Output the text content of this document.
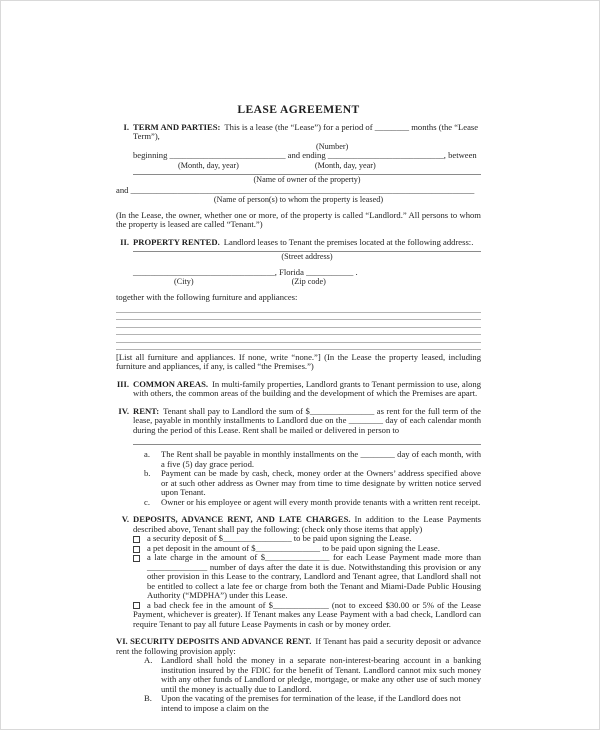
LEASE AGREEMENT
I. TERM AND PARTIES: This is a lease (the “Lease”) for a period of ________ months (the “Lease Term”),
(Number)
beginning ___________________________ and ending ___________________________, between
(Month, day, year)	(Month, day, year)
(Name of owner of the property)
and ________________________________________________________________________________
(Name of person(s) to whom the property is leased)
(In the Lease, the owner, whether one or more, of the property is called “Landlord.” All persons to whom the property is leased are called “Tenant.”)
II. PROPERTY RENTED. Landlord leases to Tenant the premises located at the following address:.
(Street address)
_________________________________, Florida ___________ .
(City)	(Zip code)
together with the following furniture and appliances:
[List all furniture and appliances. If none, write “none.”] (In the Lease the property leased, including furniture and appliances, if any, is called “the Premises.”)
III. COMMON AREAS. In multi-family properties, Landlord grants to Tenant permission to use, along with others, the common areas of the building and the development of which the Premises are apart.
IV. RENT: Tenant shall pay to Landlord the sum of $_______________ as rent for the full term of the lease, payable in monthly installments to Landlord due on the ________ day of each calendar month during the period of this Lease. Rent shall be mailed or delivered in person to
a.	The Rent shall be payable in monthly installments on the ________ day of each month, with a five (5) day grace period.
b. Payment can be made by cash, check, money order at the Owners’ address specified above or at such other address as Owner may from time to time designate by written notice served upon Tenant.
c.	Owner or his employee or agent will every month provide tenants with a written rent receipt.
V. DEPOSITS, ADVANCE RENT, AND LATE CHARGES. In addition to the Lease Payments described above, Tenant shall pay the following: (check only those items that apply)
a security deposit of $________________ to be paid upon signing the Lease.
a pet deposit in the amount of $_______________ to be paid upon signing the Lease.
a late charge in the amount of $_______________ for each Lease Payment made more than ______________ number of days after the date it is due. Notwithstanding this provision or any other provision in this Lease to the contrary, Landlord and Tenant agree, that Landlord shall not be entitled to collect a late fee or charge from both the Tenant and Miami-Dade Public Housing Authority (“MDPHA”) under this Lease.
a bad check fee in the amount of $_____________ (not to exceed $30.00 or 5% of the Lease Payment, whichever is greater). If Tenant makes any Lease Payment with a bad check, Landlord can require Tenant to pay all future Lease Payments in cash or by money order.
VI. SECURITY DEPOSITS AND ADVANCE RENT. If Tenant has paid a security deposit or advance rent the following provision apply:
A. Landlord shall hold the money in a separate non-interest-bearing account in a banking institution insured by the FDIC for the benefit of Tenant. Landlord cannot mix such money with any other funds of Landlord or pledge, mortgage, or make any other use of such money until the money is actually due to Landlord.
B. Upon the vacating of the premises for termination of the lease, if the Landlord does not intend to impose a claim on the
